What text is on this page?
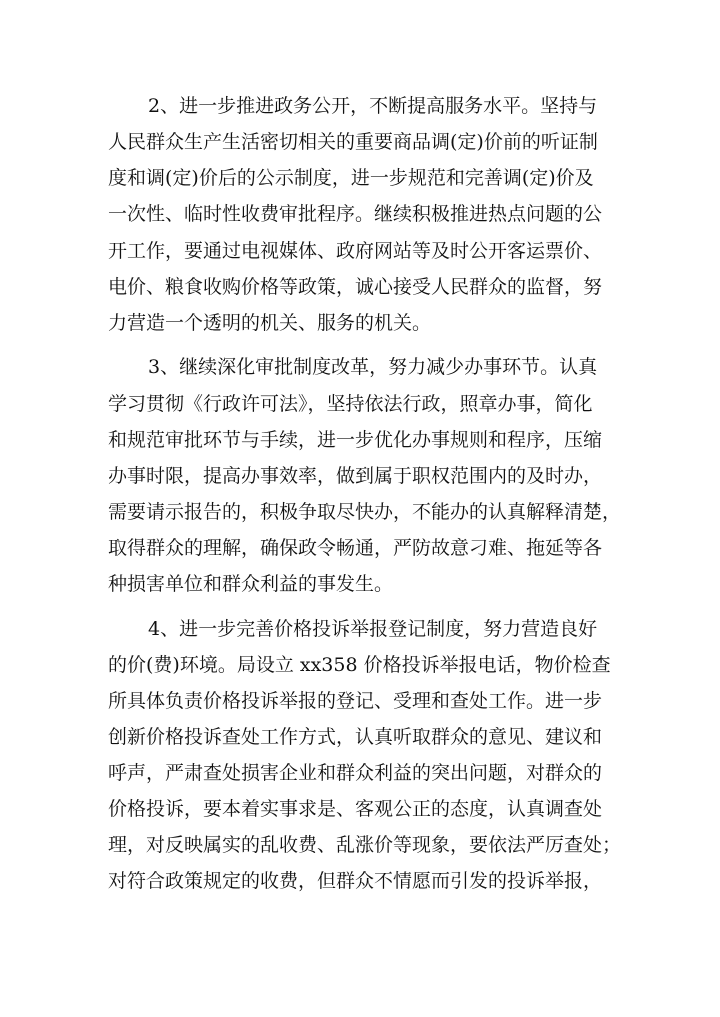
2、进一步推进政务公开，不断提高服务水平。坚持与
人民群众生产生活密切相关的重要商品调(定)价前的听证制
度和调(定)价后的公示制度，进一步规范和完善调(定)价及
一次性、临时性收费审批程序。继续积极推进热点问题的公
开工作，要通过电视媒体、政府网站等及时公开客运票价、
电价、粮食收购价格等政策，诚心接受人民群众的监督，努
力营造一个透明的机关、服务的机关。
3、继续深化审批制度改革，努力减少办事环节。认真
学习贯彻《行政许可法》，坚持依法行政，照章办事，简化
和规范审批环节与手续，进一步优化办事规则和程序，压缩
办事时限，提高办事效率，做到属于职权范围内的及时办，
需要请示报告的，积极争取尽快办，不能办的认真解释清楚，
取得群众的理解，确保政令畅通，严防故意刁难、拖延等各
种损害单位和群众利益的事发生。
4、进一步完善价格投诉举报登记制度，努力营造良好
的价(费)环境。局设立 xx358 价格投诉举报电话，物价检查
所具体负责价格投诉举报的登记、受理和查处工作。进一步
创新价格投诉查处工作方式，认真听取群众的意见、建议和
呼声，严肃查处损害企业和群众利益的突出问题，对群众的
价格投诉，要本着实事求是、客观公正的态度，认真调查处
理，对反映属实的乱收费、乱涨价等现象，要依法严厉查处；
对符合政策规定的收费，但群众不情愿而引发的投诉举报，
